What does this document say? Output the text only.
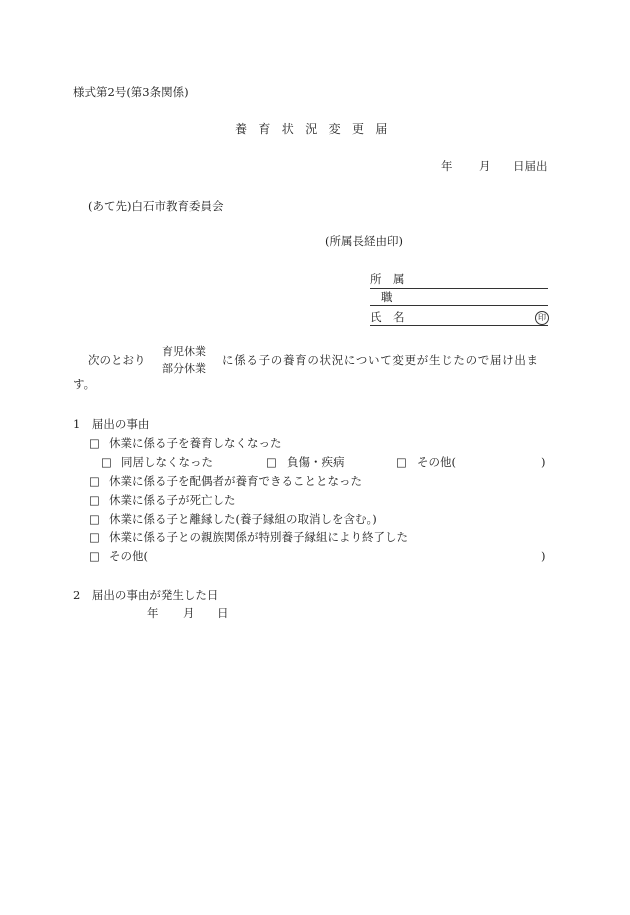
様式第2号(第3条関係)
養育状況変更届
年 月 日届出
(あて先)白石市教育委員会
(所属長経由印)
所　属
職
氏　名	印
次のとおり
育児休業
部分休業
に係る子の養育の状況について変更が生じたので届け出ま
す。
1　届出の事由
□ 休業に係る子を養育しなくなった
□ 同居しなくなった	□ 負傷・疾病	□ その他(	)
□ 休業に係る子を配偶者が養育できることとなった
□ 休業に係る子が死亡した
□ 休業に係る子と離縁した(養子縁組の取消しを含む。)
□ 休業に係る子との親族関係が特別養子縁組により終了した
□ その他(	)
2　届出の事由が発生した日
年 月 日
